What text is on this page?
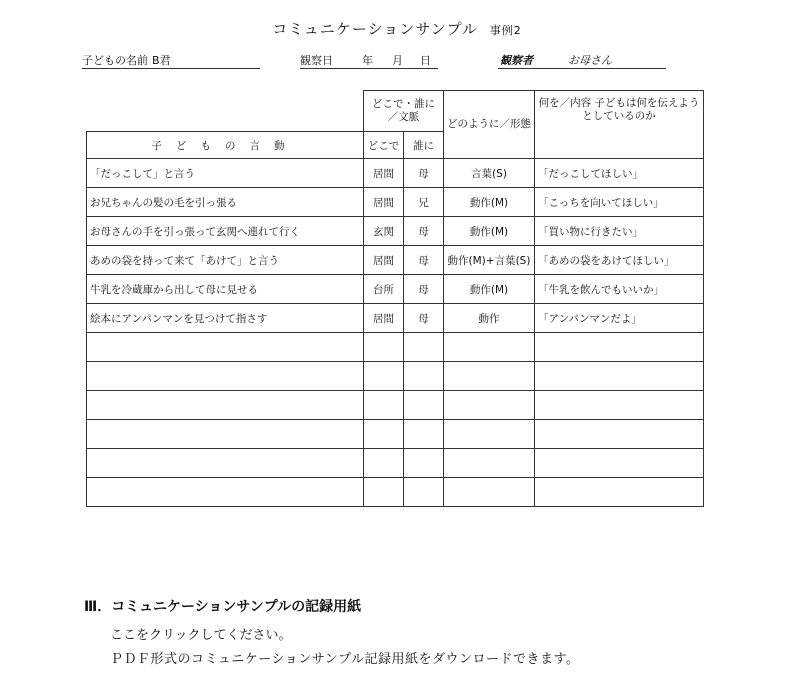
コミュニケーションサンプル 事例2
子どもの名前 B君	観察日	年 月 日	観察者	お母さん
	どこで・誰に／文脈		どのように／形態	何を／内容 子どもは何を伝えようとしているのか
子どもの言動	どこで	誰に		
「だっこして」と言う	居間	母	言葉(S)	「だっこしてほしい」
お兄ちゃんの髪の毛を引っ張る	居間	兄	動作(M)	「こっちを向いてほしい」
お母さんの手を引っ張って玄関へ連れて行く	玄関	母	動作(M)	「買い物に行きたい」
あめの袋を持って来て「あけて」と言う	居間	母	動作(M)+言葉(S)	「あめの袋をあけてほしい」
牛乳を冷蔵庫から出して母に見せる	台所	母	動作(M)	「牛乳を飲んでもいいか」
絵本にアンパンマンを見つけて指さす	居間	母	動作	「アンパンマンだよ」

Ⅲ．コミュニケーションサンプルの記録用紙
ここをクリックしてください。
ＰＤＦ形式のコミュニケーションサンプル記録用紙をダウンロードできます。
